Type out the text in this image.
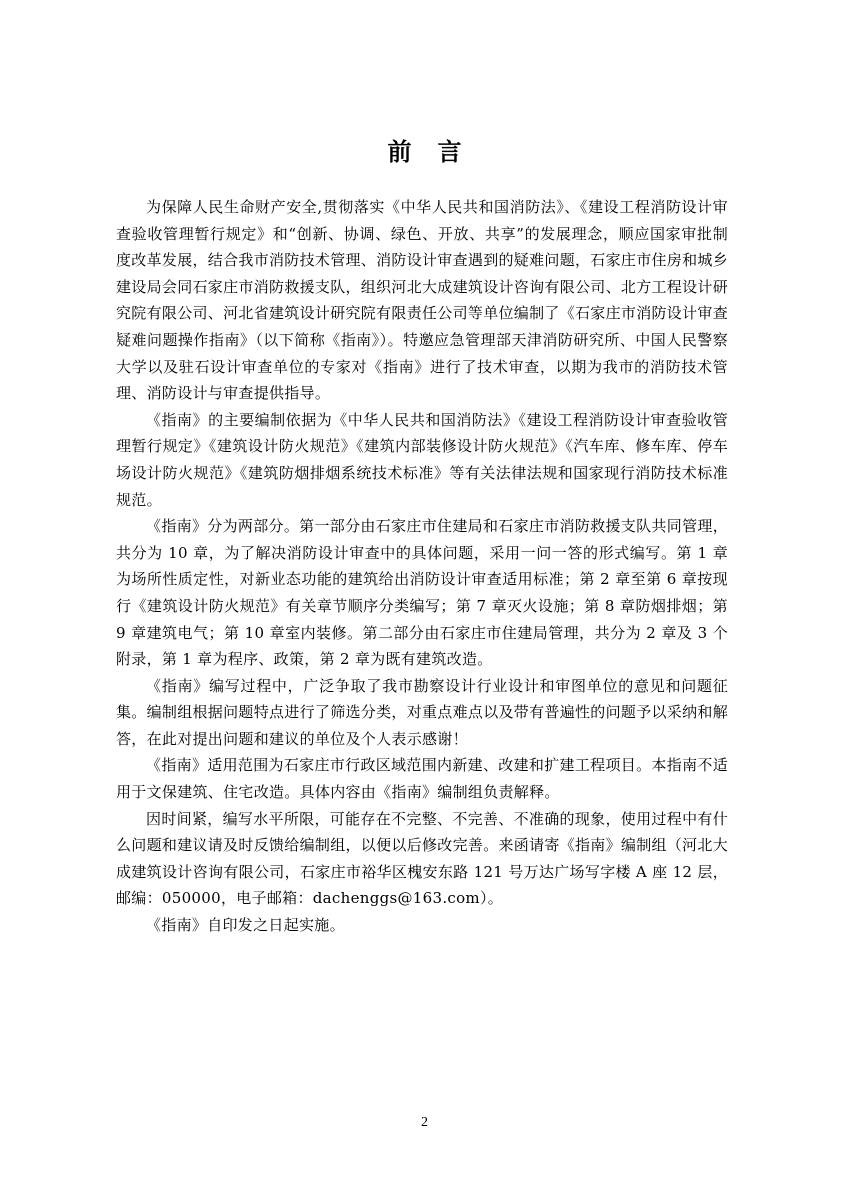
前言

为保障人民生命财产安全,贯彻落实《中华人民共和国消防法》、《建设工程消防设计审查验收管理暂行规定》和“创新、协调、绿色、开放、共享”的发展理念，顺应国家审批制度改革发展，结合我市消防技术管理、消防设计审查遇到的疑难问题，石家庄市住房和城乡建设局会同石家庄市消防救援支队，组织河北大成建筑设计咨询有限公司、北方工程设计研究院有限公司、河北省建筑设计研究院有限责任公司等单位编制了《石家庄市消防设计审查疑难问题操作指南》（以下简称《指南》）。特邀应急管理部天津消防研究所、中国人民警察大学以及驻石设计审查单位的专家对《指南》进行了技术审查，以期为我市的消防技术管理、消防设计与审查提供指导。

《指南》的主要编制依据为《中华人民共和国消防法》《建设工程消防设计审查验收管理暂行规定》《建筑设计防火规范》《建筑内部装修设计防火规范》《汽车库、修车库、停车场设计防火规范》《建筑防烟排烟系统技术标准》等有关法律法规和国家现行消防技术标准规范。

《指南》分为两部分。第一部分由石家庄市住建局和石家庄市消防救援支队共同管理，共分为 10 章，为了解决消防设计审查中的具体问题，采用一问一答的形式编写。第 1 章为场所性质定性，对新业态功能的建筑给出消防设计审查适用标准；第 2 章至第 6 章按现行《建筑设计防火规范》有关章节顺序分类编写；第 7 章灭火设施；第 8 章防烟排烟；第 9 章建筑电气；第 10 章室内装修。第二部分由石家庄市住建局管理，共分为 2 章及 3 个附录，第 1 章为程序、政策，第 2 章为既有建筑改造。

《指南》编写过程中，广泛争取了我市勘察设计行业设计和审图单位的意见和问题征集。编制组根据问题特点进行了筛选分类，对重点难点以及带有普遍性的问题予以采纳和解答，在此对提出问题和建议的单位及个人表示感谢！

《指南》适用范围为石家庄市行政区域范围内新建、改建和扩建工程项目。本指南不适用于文保建筑、住宅改造。具体内容由《指南》编制组负责解释。

因时间紧，编写水平所限，可能存在不完整、不完善、不准确的现象，使用过程中有什么问题和建议请及时反馈给编制组，以便以后修改完善。来函请寄《指南》编制组（河北大成建筑设计咨询有限公司，石家庄市裕华区槐安东路 121 号万达广场写字楼 A 座 12 层，邮编：050000，电子邮箱：dachenggs@163.com）。

《指南》自印发之日起实施。

2
